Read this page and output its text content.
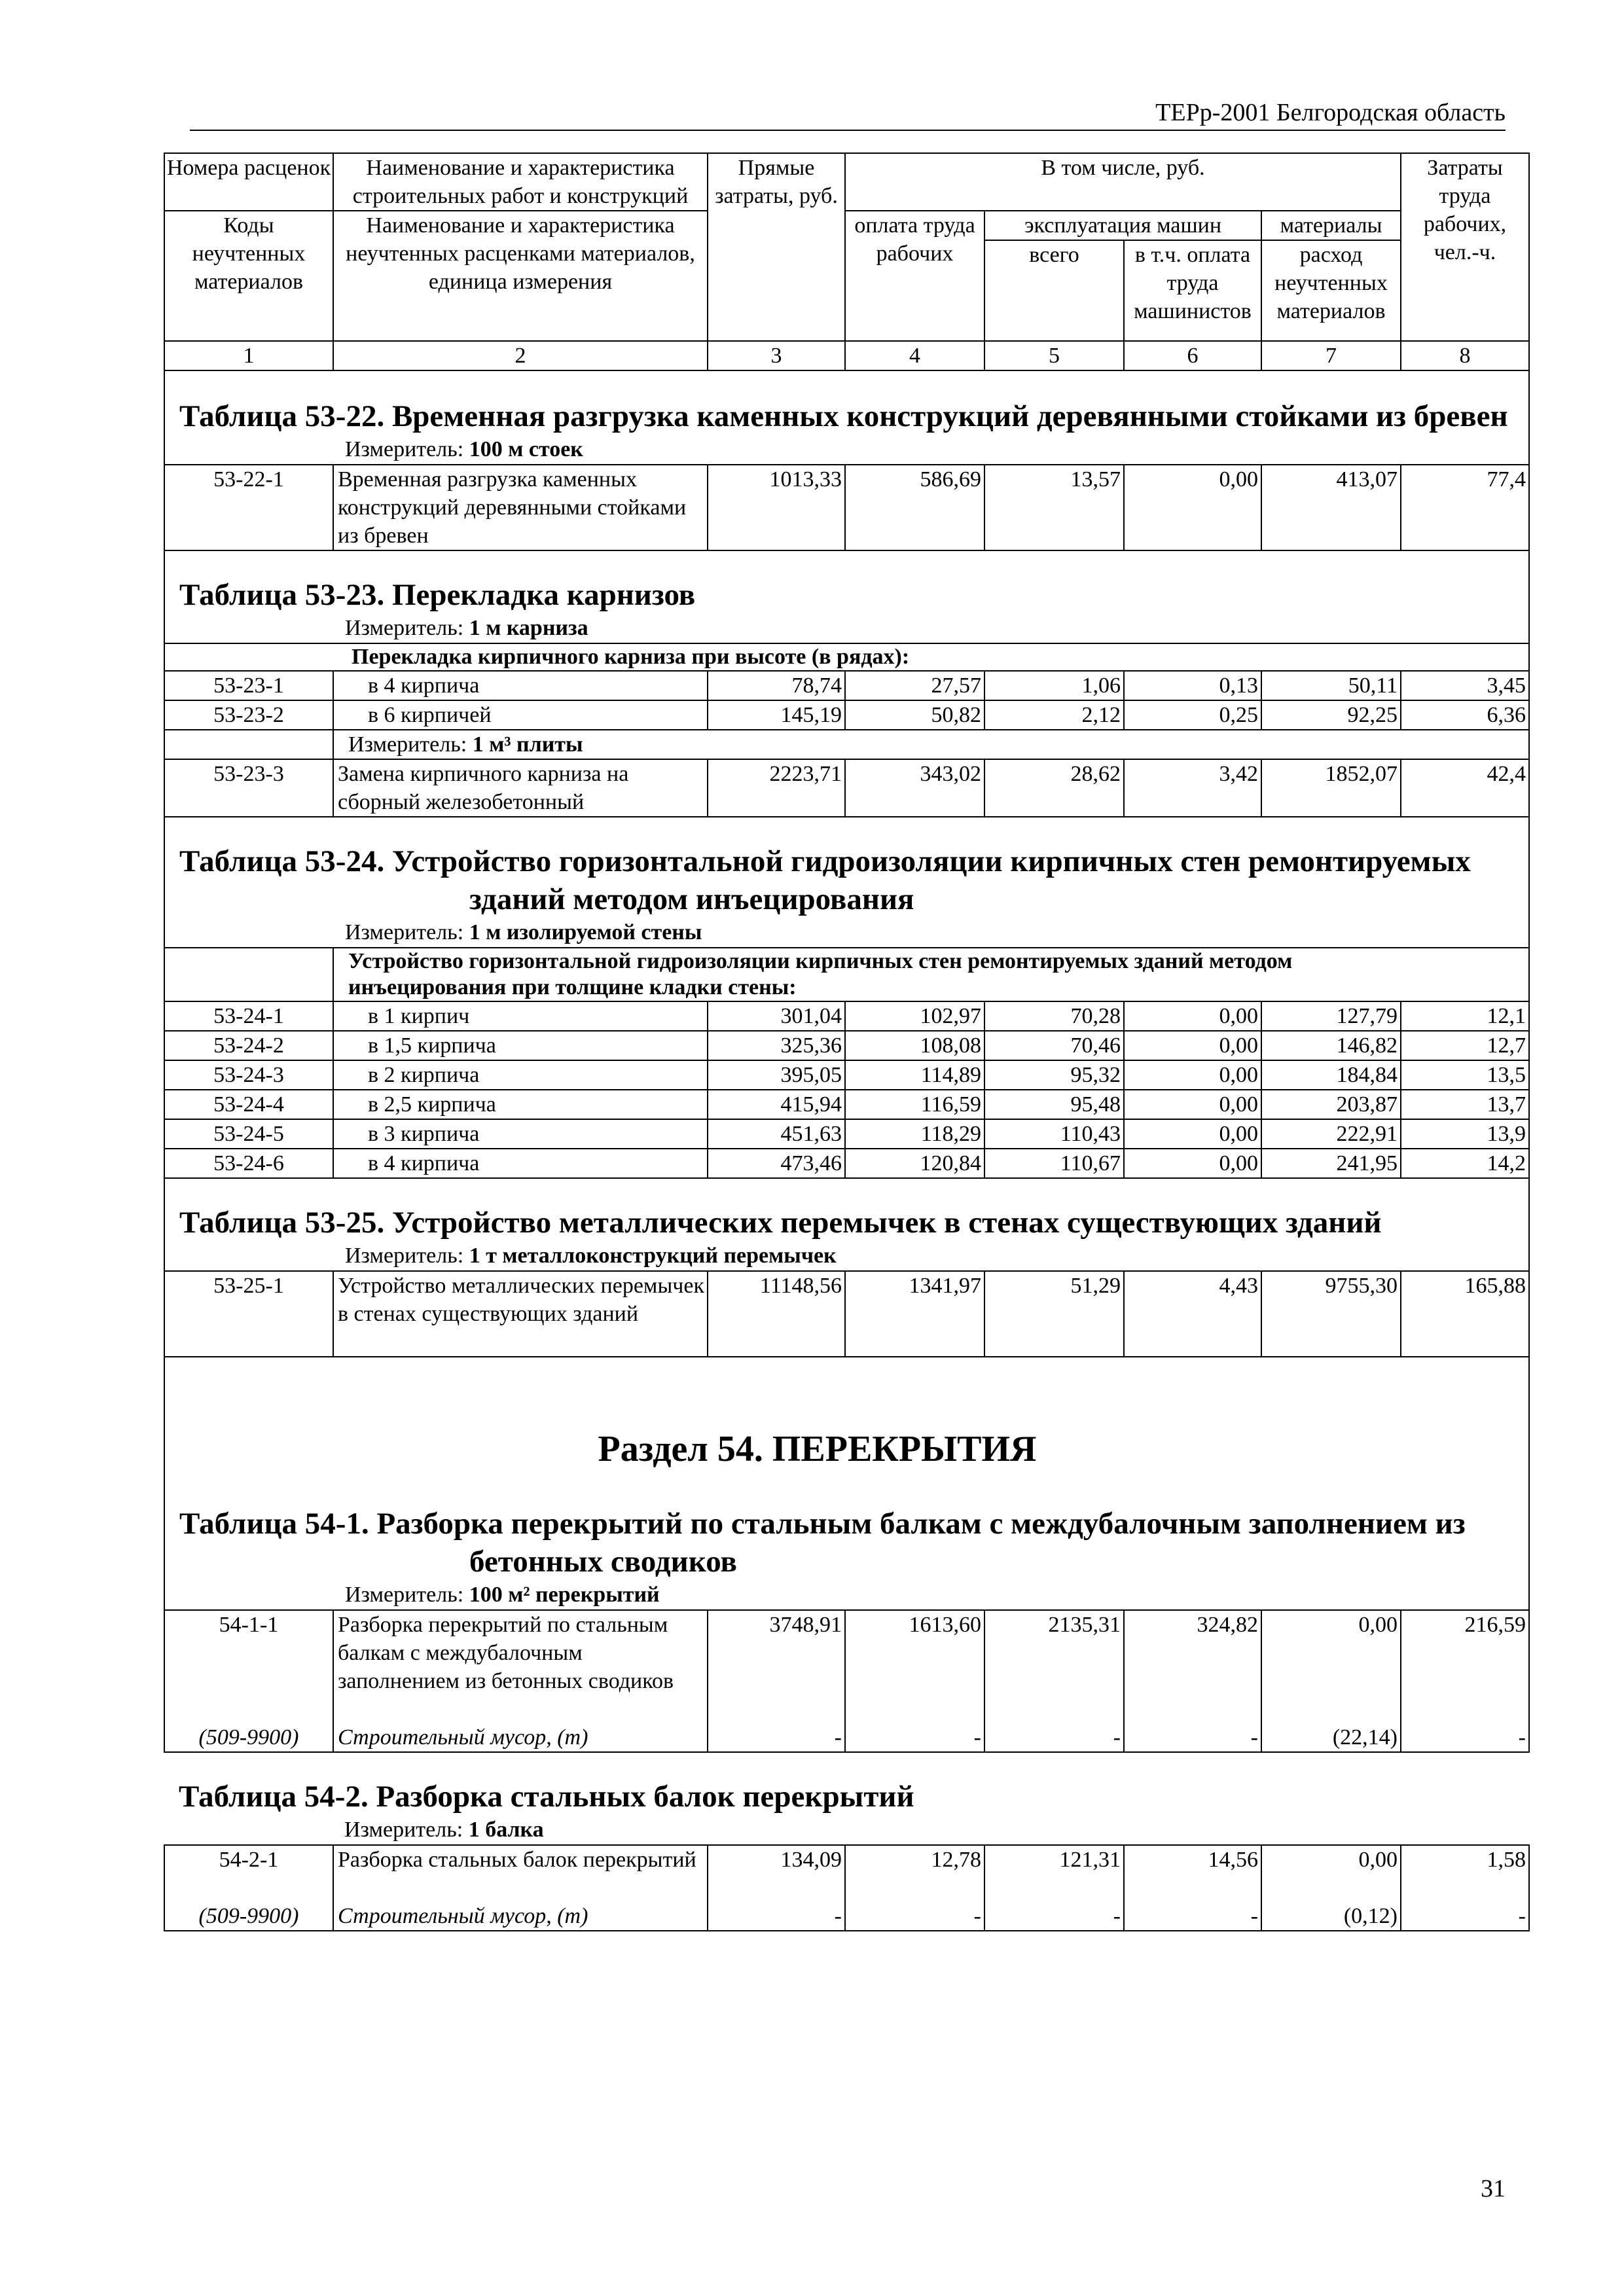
ТЕРр-2001 Белгородская область
Номера расценок	Наименование и характеристика строительных работ и конструкций	Прямые затраты, руб.	В том числе, руб.				Затраты труда рабочих, чел.-ч.
Коды неучтенных материалов	Наименование и характеристика неучтенных расценками материалов, единица измерения		оплата труда рабочих	эксплуатация машин		материалы	
				всего	в т.ч. оплата труда машинистов	расход неучтенных материалов	
1	2	3	4	5	6	7	8

Таблица 53-22. Временная разгрузка каменных конструкций деревянными стойками из бревен
Измеритель: 100 м стоек							

53-22-1	Временная разгрузка каменных конструкций деревянными стойками из бревен	1013,33	586,69	13,57	0,00	413,07	77,4

Таблица 53-23. Перекладка карнизов
Измеритель: 1 м карниза							

Перекладка кирпичного карниза при высоте (в рядах):							
53-23-1	в 4 кирпича	78,74	27,57	1,06	0,13	50,11	3,45
53-23-2	в 6 кирпичей	145,19	50,82	2,12	0,25	92,25	6,36
	Измеритель: 1 м³ плиты						
53-23-3	Замена кирпичного карниза на сборный железобетонный	2223,71	343,02	28,62	3,42	1852,07	42,4

Таблица 53-24. Устройство горизонтальной гидроизоляции кирпичных стен ремонтируемых зданий методом инъецирования
Измеритель: 1 м изолируемой стены							

	Устройство горизонтальной гидроизоляции кирпичных стен ремонтируемых зданий методом инъецирования при толщине кладки стены:						
53-24-1	в 1 кирпич	301,04	102,97	70,28	0,00	127,79	12,1
53-24-2	в 1,5 кирпича	325,36	108,08	70,46	0,00	146,82	12,7
53-24-3	в 2 кирпича	395,05	114,89	95,32	0,00	184,84	13,5
53-24-4	в 2,5 кирпича	415,94	116,59	95,48	0,00	203,87	13,7
53-24-5	в 3 кирпича	451,63	118,29	110,43	0,00	222,91	13,9
53-24-6	в 4 кирпича	473,46	120,84	110,67	0,00	241,95	14,2

Таблица 53-25. Устройство металлических перемычек в стенах существующих зданий
Измеритель: 1 т металлоконструкций перемычек							

53-25-1	Устройство металлических перемычек в стенах существующих зданий	11148,56	1341,97	51,29	4,43	9755,30	165,88

Раздел 54. ПЕРЕКРЫТИЯ
Таблица 54-1. Разборка перекрытий по стальным балкам с междубалочным заполнением из бетонных сводиков
Измеритель: 100 м² перекрытий							

54-1-1	Разборка перекрытий по стальным балкам с междубалочным заполнением из бетонных сводиков	3748,91	1613,60	2135,31	324,82	0,00	216,59
(509-9900)	Строительный мусор, (т)	-	-	-	-	(22,14)	-

Таблица 54-2. Разборка стальных балок перекрытий
Измеритель: 1 балка							

54-2-1	Разборка стальных балок перекрытий	134,09	12,78	121,31	14,56	0,00	1,58
(509-9900)	Строительный мусор, (т)	-	-	-	-	(0,12)	-
31
